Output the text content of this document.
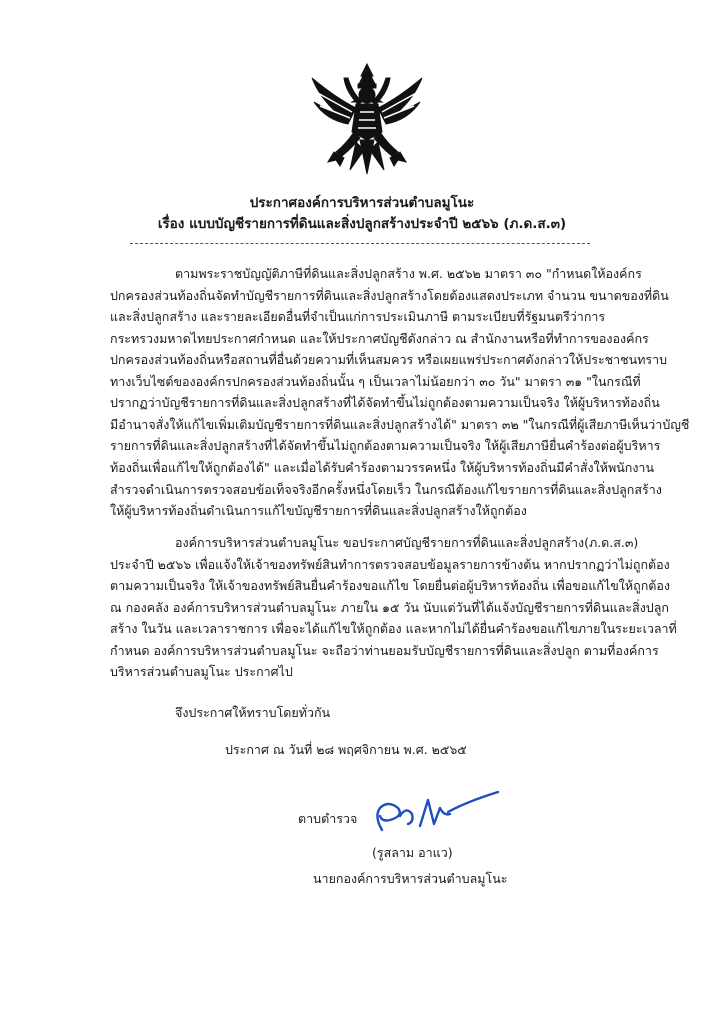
ประกาศองค์การบริหารส่วนตำบลมูโนะ
เรื่อง แบบบัญชีรายการที่ดินและสิ่งปลูกสร้างประจำปี ๒๕๖๖ (ภ.ด.ส.๓)
ตามพระราชบัญญัติภาษีที่ดินและสิ่งปลูกสร้าง พ.ศ. ๒๕๖๒ มาตรา ๓๐ "กำหนดให้องค์กร
ปกครองส่วนท้องถิ่นจัดทำบัญชีรายการที่ดินและสิ่งปลูกสร้างโดยต้องแสดงประเภท จำนวน ขนาดของที่ดิน
และสิ่งปลูกสร้าง และรายละเอียดอื่นที่จำเป็นแก่การประเมินภาษี ตามระเบียบที่รัฐมนตรีว่าการ
กระทรวงมหาดไทยประกาศกำหนด และให้ประกาศบัญชีดังกล่าว ณ สำนักงานหรือที่ทำการขององค์กร
ปกครองส่วนท้องถิ่นหรือสถานที่อื่นด้วยความที่เห็นสมควร หรือเผยแพร่ประกาศดังกล่าวให้ประชาชนทราบ
ทางเว็บไซต์ขององค์กรปกครองส่วนท้องถิ่นนั้น ๆ เป็นเวลาไม่น้อยกว่า ๓๐ วัน" มาตรา ๓๑ "ในกรณีที่
ปรากฏว่าบัญชีรายการที่ดินและสิ่งปลูกสร้างที่ได้จัดทำขึ้นไม่ถูกต้องตามความเป็นจริง ให้ผู้บริหารท้องถิ่น
มีอำนาจสั่งให้แก้ไขเพิ่มเติมบัญชีรายการที่ดินและสิ่งปลูกสร้างได้" มาตรา ๓๒ "ในกรณีที่ผู้เสียภาษีเห็นว่าบัญชี
รายการที่ดินและสิ่งปลูกสร้างที่ได้จัดทำขึ้นไม่ถูกต้องตามความเป็นจริง ให้ผู้เสียภาษียื่นคำร้องต่อผู้บริหาร
ท้องถิ่นเพื่อแก้ไขให้ถูกต้องได้" และเมื่อได้รับคำร้องตามวรรคหนึ่ง ให้ผู้บริหารท้องถิ่นมีคำสั่งให้พนักงาน
สำรวจดำเนินการตรวจสอบข้อเท็จจริงอีกครั้งหนึ่งโดยเร็ว ในกรณีต้องแก้ไขรายการที่ดินและสิ่งปลูกสร้าง
ให้ผู้บริหารท้องถิ่นดำเนินการแก้ไขบัญชีรายการที่ดินและสิ่งปลูกสร้างให้ถูกต้อง
องค์การบริหารส่วนตำบลมูโนะ ขอประกาศบัญชีรายการที่ดินและสิ่งปลูกสร้าง(ภ.ด.ส.๓)
ประจำปี ๒๕๖๖ เพื่อแจ้งให้เจ้าของทรัพย์สินทำการตรวจสอบข้อมูลรายการข้างต้น หากปรากฏว่าไม่ถูกต้อง
ตามความเป็นจริง ให้เจ้าของทรัพย์สินยื่นคำร้องขอแก้ไข โดยยื่นต่อผู้บริหารท้องถิ่น เพื่อขอแก้ไขให้ถูกต้อง
ณ กองคลัง องค์การบริหารส่วนตำบลมูโนะ ภายใน ๑๕ วัน นับแต่วันที่ได้แจ้งบัญชีรายการที่ดินและสิ่งปลูก
สร้าง ในวัน และเวลาราชการ เพื่อจะได้แก้ไขให้ถูกต้อง และหากไม่ได้ยื่นคำร้องขอแก้ไขภายในระยะเวลาที่
กำหนด องค์การบริหารส่วนตำบลมูโนะ จะถือว่าท่านยอมรับบัญชีรายการที่ดินและสิ่งปลูก ตามที่องค์การ
บริหารส่วนตำบลมูโนะ ประกาศไป
จึงประกาศให้ทราบโดยทั่วกัน
ประกาศ ณ วันที่ ๒๘ พฤศจิกายน พ.ศ. ๒๕๖๕
ตาบตำรวจ
(รูสลาม อาแว)
นายกองค์การบริหารส่วนตำบลมูโนะ
